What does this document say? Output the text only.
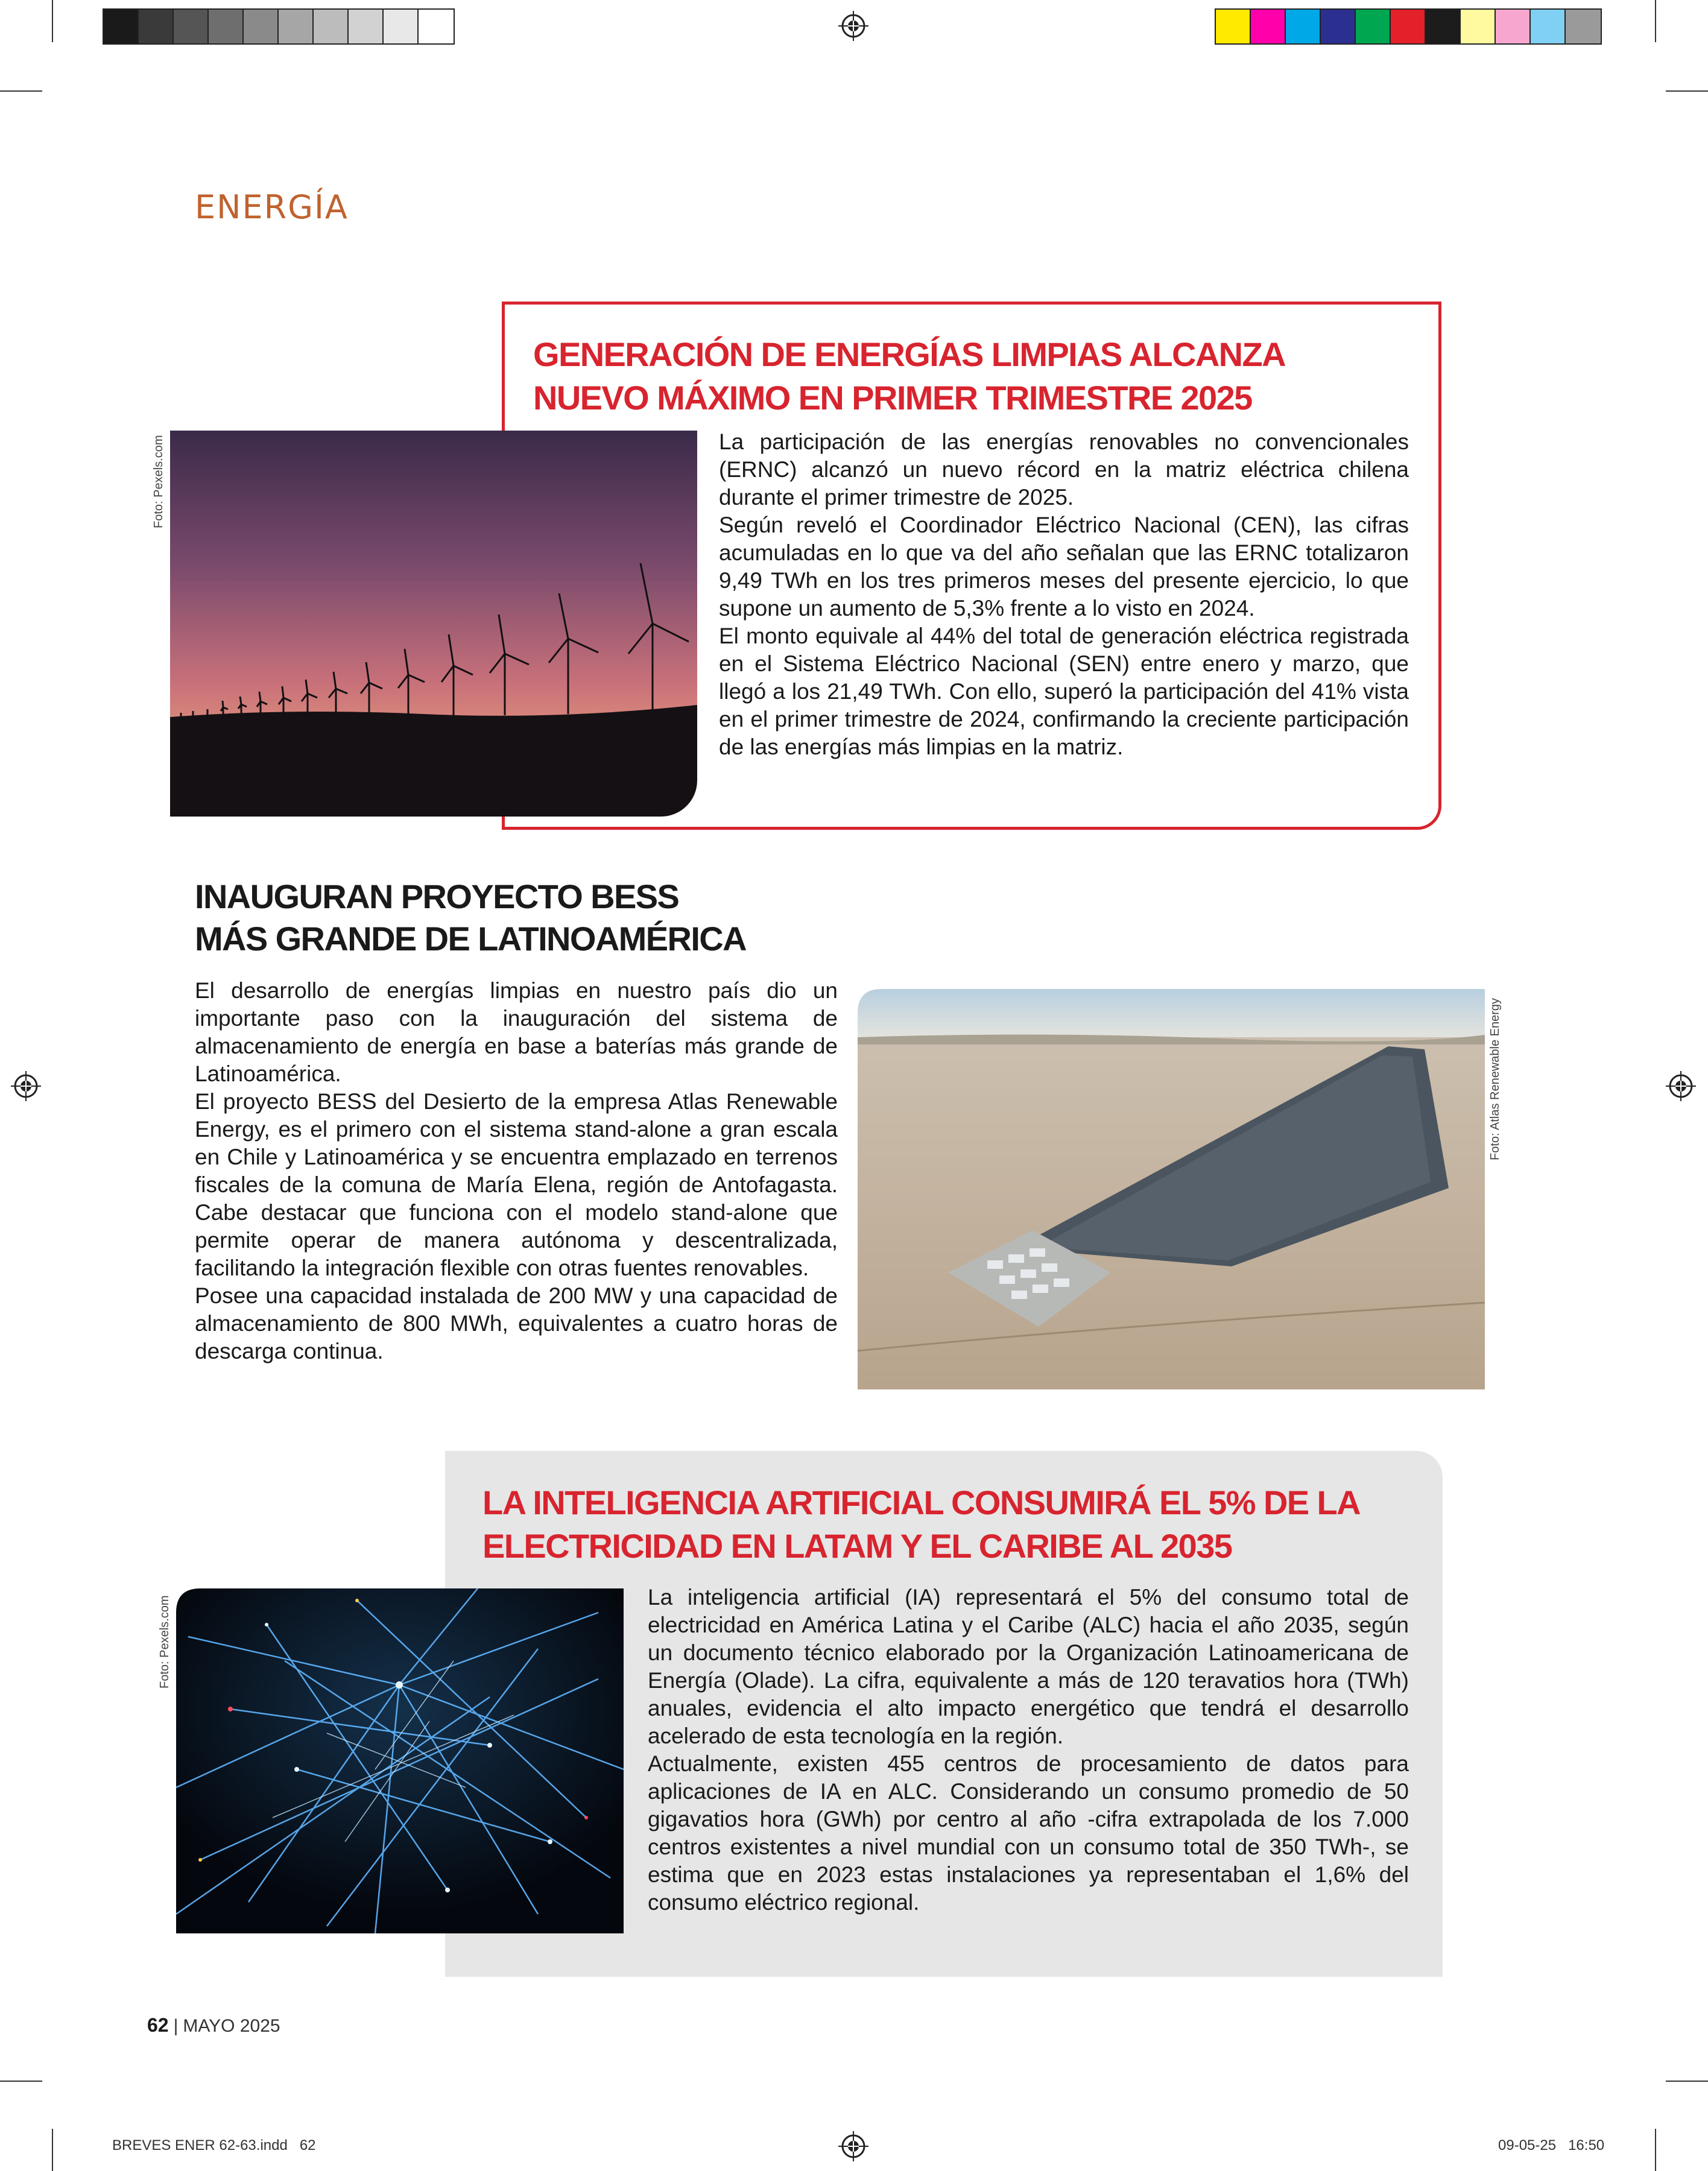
ENERGÍA
GENERACIÓN DE ENERGÍAS LIMPIAS ALCANZA
NUEVO MÁXIMO EN PRIMER TRIMESTRE 2025
Foto: Pexels.com	La participación de las energías renovables no convencionales (ERNC) alcanzó un nuevo récord en la matriz eléctrica chilena durante el primer trimestre de 2025.
Según reveló el Coordinador Eléctrico Nacional (CEN), las cifras acumuladas en lo que va del año señalan que las ERNC totalizaron 9,49 TWh en los tres primeros meses del presente ejercicio, lo que supone un aumento de 5,3% frente a lo visto en 2024.
El monto equivale al 44% del total de generación eléctrica registrada en el Sistema Eléctrico Nacional (SEN) entre enero y marzo, que llegó a los 21,49 TWh. Con ello, superó la participación del 41% vista en el primer trimestre de 2024, confirmando la creciente participación de las energías más limpias en la matriz.
INAUGURAN PROYECTO BESS
MÁS GRANDE DE LATINOAMÉRICA
El desarrollo de energías limpias en nuestro país dio un importante paso con la inauguración del sistema de almacenamiento de energía en base a baterías más grande de Latinoamérica.
El proyecto BESS del Desierto de la empresa Atlas Renewable Energy, es el primero con el sistema stand-alone a gran escala en Chile y Latinoamérica y se encuentra emplazado en terrenos fiscales de la comuna de María Elena, región de Antofagasta. Cabe destacar que funciona con el modelo stand-alone que permite operar de manera autónoma y descentralizada, facilitando la integración flexible con otras fuentes renovables.
Posee una capacidad instalada de 200 MW y una capacidad de almacenamiento de 800 MWh, equivalentes a cuatro horas de descarga continua.
Foto: Atlas Renewable Energy
LA INTELIGENCIA ARTIFICIAL CONSUMIRÁ EL 5% DE LA
ELECTRICIDAD EN LATAM Y EL CARIBE AL 2035
Foto: Pexels.com	La inteligencia artificial (IA) representará el 5% del consumo total de electricidad en América Latina y el Caribe (ALC) hacia el año 2035, según un documento técnico elaborado por la Organización Latinoamericana de Energía (Olade). La cifra, equivalente a más de 120 teravatios hora (TWh) anuales, evidencia el alto impacto energético que tendrá el desarrollo acelerado de esta tecnología en la región.
Actualmente, existen 455 centros de procesamiento de datos para aplicaciones de IA en ALC. Considerando un consumo promedio de 50 gigavatios hora (GWh) por centro al año -cifra extrapolada de los 7.000 centros existentes a nivel mundial con un consumo total de 350 TWh-, se estima que en 2023 estas instalaciones ya representaban el 1,6% del consumo eléctrico regional.
62 | MAYO 2025
BREVES ENER 62-63.indd   62	09-05-25   16:50
